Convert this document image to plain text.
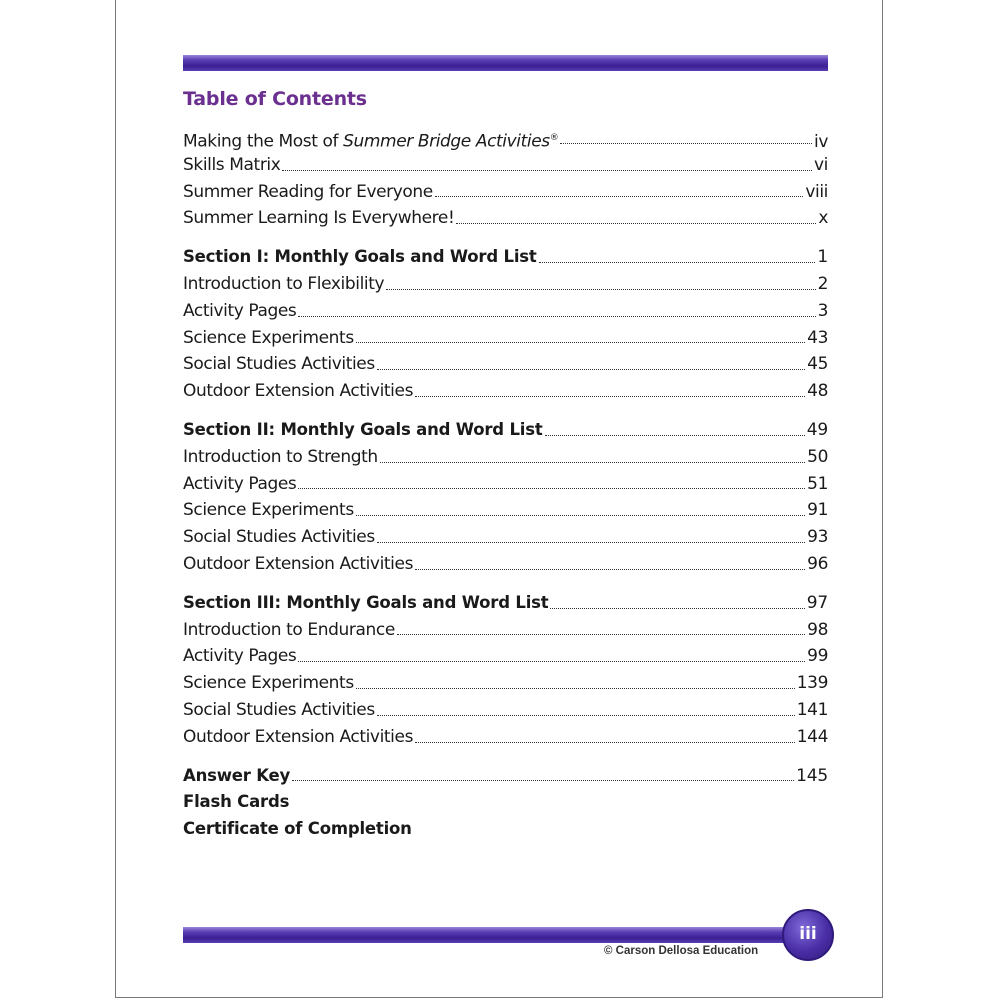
Table of Contents
Making the Most of Summer Bridge Activities®	iv
Skills Matrix	vi
Summer Reading for Everyone	viii
Summer Learning Is Everywhere!	x
Section I: Monthly Goals and Word List	1
Introduction to Flexibility	2
Activity Pages	3
Science Experiments	43
Social Studies Activities	45
Outdoor Extension Activities	48
Section II: Monthly Goals and Word List	49
Introduction to Strength	50
Activity Pages	51
Science Experiments	91
Social Studies Activities	93
Outdoor Extension Activities	96
Section III: Monthly Goals and Word List	97
Introduction to Endurance	98
Activity Pages	99
Science Experiments	139
Social Studies Activities	141
Outdoor Extension Activities	144
Answer Key	145
Flash Cards
Certificate of Completion
iii
© Carson Dellosa Education
